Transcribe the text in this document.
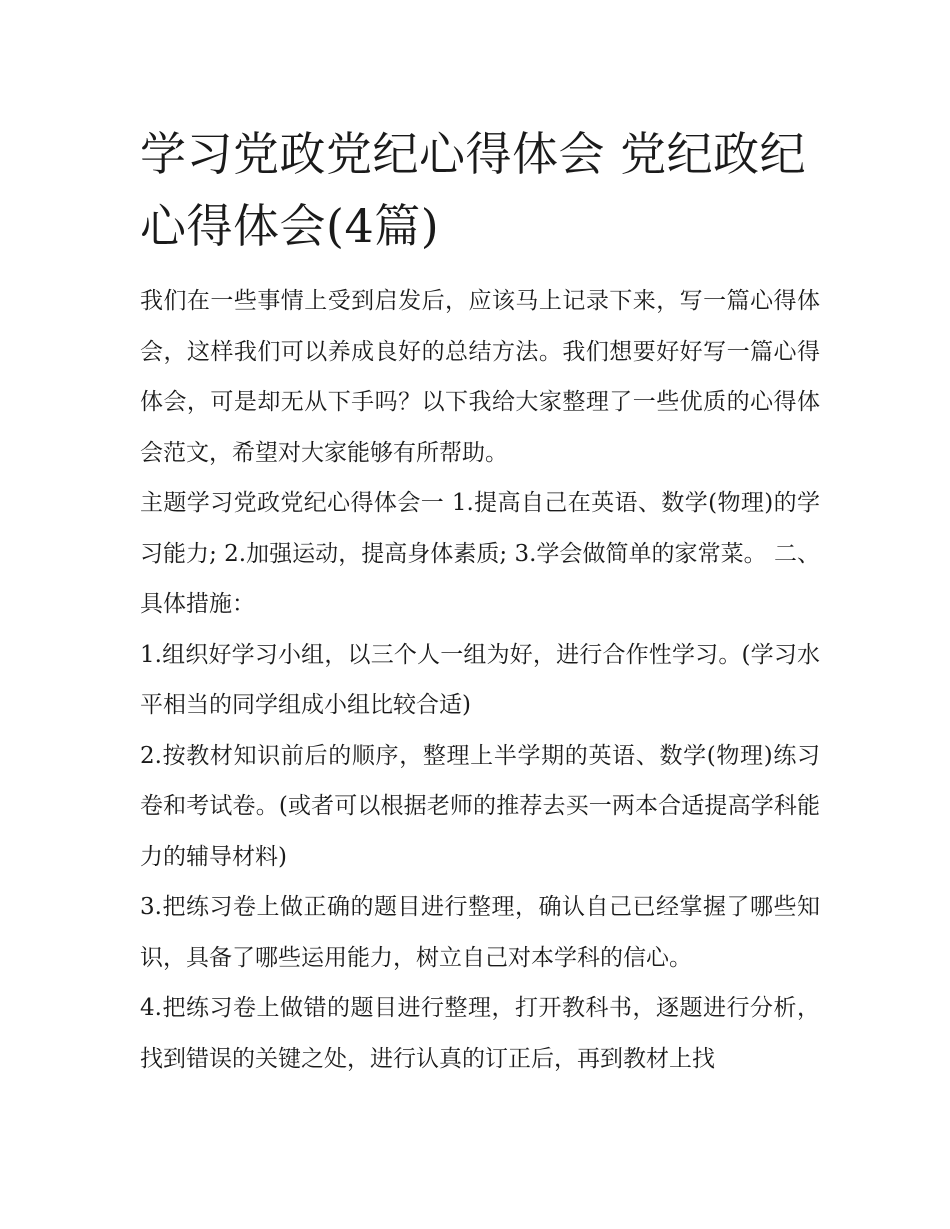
学习党政党纪心得体会 党纪政纪心得体会(4篇)

我们在一些事情上受到启发后，应该马上记录下来，写一篇心得体会，这样我们可以养成良好的总结方法。我们想要好好写一篇心得体会，可是却无从下手吗？以下我给大家整理了一些优质的心得体会范文，希望对大家能够有所帮助。

主题学习党政党纪心得体会一 1.提高自己在英语、数学(物理)的学习能力; 2.加强运动，提高身体素质; 3.学会做简单的家常菜。 二、具体措施：

1.组织好学习小组，以三个人一组为好，进行合作性学习。(学习水平相当的同学组成小组比较合适)

2.按教材知识前后的顺序，整理上半学期的英语、数学(物理)练习卷和考试卷。(或者可以根据老师的推荐去买一两本合适提高学科能力的辅导材料)

3.把练习卷上做正确的题目进行整理，确认自己已经掌握了哪些知识，具备了哪些运用能力，树立自己对本学科的信心。

4.把练习卷上做错的题目进行整理，打开教科书，逐题进行分析，找到错误的关键之处，进行认真的订正后，再到教材上找
